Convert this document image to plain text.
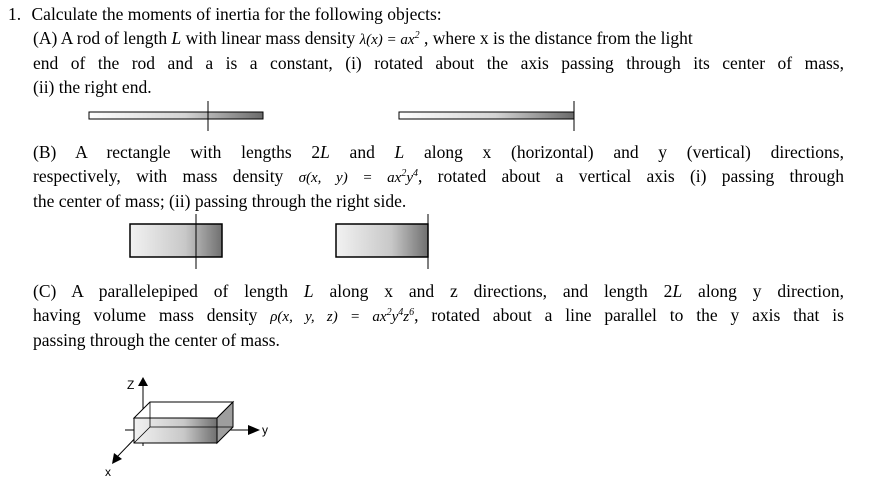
1. Calculate the moments of inertia for the following objects:
(A) A rod of length L with linear mass density $\lambda(x) = ax^2$ , where x is the distance from the light
end of the rod and a is a constant, (i) rotated about the axis passing through its center of mass,
(ii) the right end.
(B) A rectangle with lengths 2L and L along x (horizontal) and y (vertical) directions,
respectively, with mass density σ(x, $y) = ax^2y^4$, rotated about a vertical axis (i) passing through
the center of mass; (ii) passing through the right side.
(C) A parallelepiped of length L along x and z directions, and length 2L along y direction,
having volume mass density ρ(x, y, $z) = ax^2y^4z^6$, rotated about a line parallel to the y axis that is
passing through the center of mass.
Z
y
x
